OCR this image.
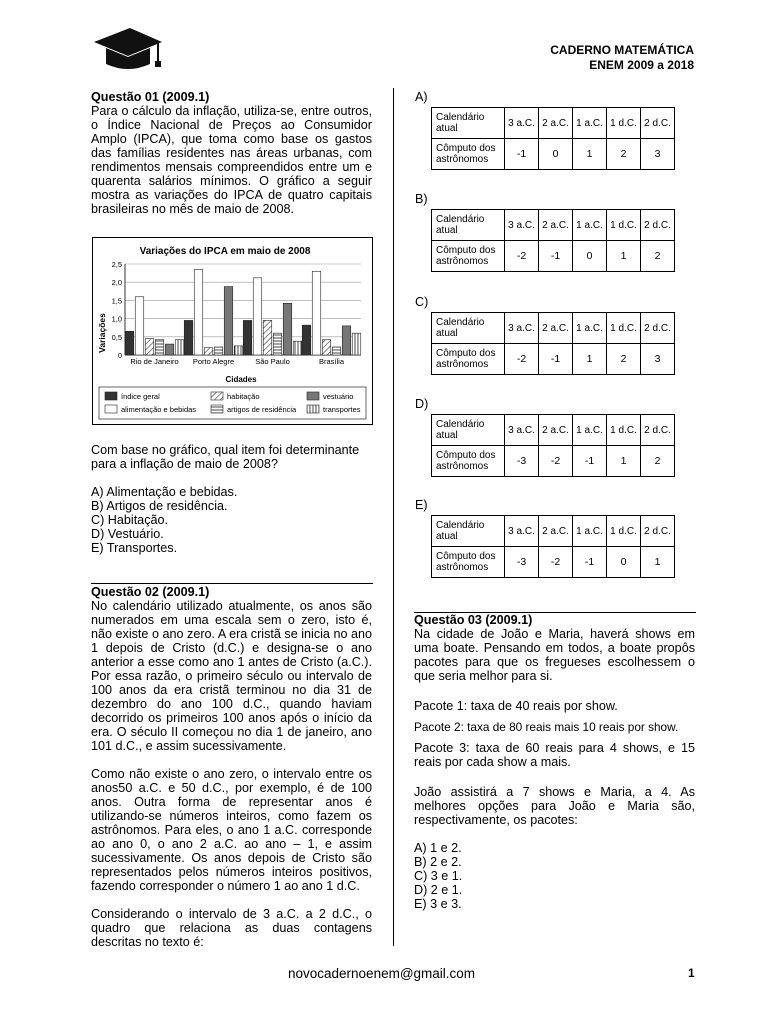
CADERNO MATEMÁTICA
ENEM 2009 a 2018
Questão 01 (2009.1)
Para o cálculo da inflação, utiliza-se, entre outros, o Índice Nacional de Preços ao Consumidor Amplo (IPCA), que toma como base os gastos das famílias residentes nas áreas urbanas, com rendimentos mensais compreendidos entre um e quarenta salários mínimos. O gráfico a seguir mostra as variações do IPCA de quatro capitais brasileiras no mês de maio de 2008.
Variações do IPCA em maio de 2008
Variações
Cidades
0
0,5
1,0
1,5
2,0
2,5
Rio de Janeiro Porto Alegre	São Paulo	Brasília
índice geral	habitação	vestuário
alimentação e bebidas	artigos de residência	transportes
Com base no gráfico, qual item foi determinante para a inflação de maio de 2008?
A) Alimentação e bebidas.
B) Artigos de residência.
C) Habitação.
D) Vestuário.
E) Transportes.
Questão 02 (2009.1)
No calendário utilizado atualmente, os anos são numerados em uma escala sem o zero, isto é, não existe o ano zero. A era cristã se inicia no ano 1 depois de Cristo (d.C.) e designa-se o ano anterior a esse como ano 1 antes de Cristo (a.C.). Por essa razão, o primeiro século ou intervalo de 100 anos da era cristã terminou no dia 31 de dezembro do ano 100 d.C., quando haviam decorrido os primeiros 100 anos após o início da era. O século II começou no dia 1 de janeiro, ano 101 d.C., e assim sucessivamente.
Como não existe o ano zero, o intervalo entre os anos50 a.C. e 50 d.C., por exemplo, é de 100 anos. Outra forma de representar anos é utilizando-se números inteiros, como fazem os astrônomos. Para eles, o ano 1 a.C. corresponde ao ano 0, o ano 2 a.C. ao ano – 1, e assim sucessivamente. Os anos depois de Cristo são representados pelos números inteiros positivos, fazendo corresponder o número 1 ao ano 1 d.C.
Considerando o intervalo de 3 a.C. a 2 d.C., o quadro que relaciona as duas contagens descritas no texto é:
A)
Calendário
atual	3 a.C.	2 a.C.	1 a.C.	1 d.C.	2 d.C.

Cômputo dos
astrônomos	-1	0	1	2	3
B)
Calendário
atual	3 a.C.	2 a.C.	1 a.C.	1 d.C.	2 d.C.

Cômputo dos
astrônomos	-2	-1	0	1	2
C)
Calendário
atual	3 a.C.	2 a.C.	1 a.C.	1 d.C.	2 d.C.

Cômputo dos
astrônomos	-2	-1	1	2	3
D)
Calendário
atual	3 a.C.	2 a.C.	1 a.C.	1 d.C.	2 d.C.

Cômputo dos
astrônomos	-3	-2	-1	1	2
E)
Calendário
atual	3 a.C.	2 a.C.	1 a.C.	1 d.C.	2 d.C.

Cômputo dos
astrônomos	-3	-2	-1	0	1
Questão 03 (2009.1)
Na cidade de João e Maria, haverá shows em uma boate. Pensando em todos, a boate propôs pacotes para que os fregueses escolhessem o que seria melhor para si.
Pacote 1: taxa de 40 reais por show.
Pacote 2: taxa de 80 reais mais 10 reais por show.
Pacote 3: taxa de 60 reais para 4 shows, e 15 reais por cada show a mais.
João assistirá a 7 shows e Maria, a 4. As melhores opções para João e Maria são, respectivamente, os pacotes:
A) 1 e 2.
B) 2 e 2.
C) 3 e 1.
D) 2 e 1.
E) 3 e 3.
novocadernoenem@gmail.com	1
